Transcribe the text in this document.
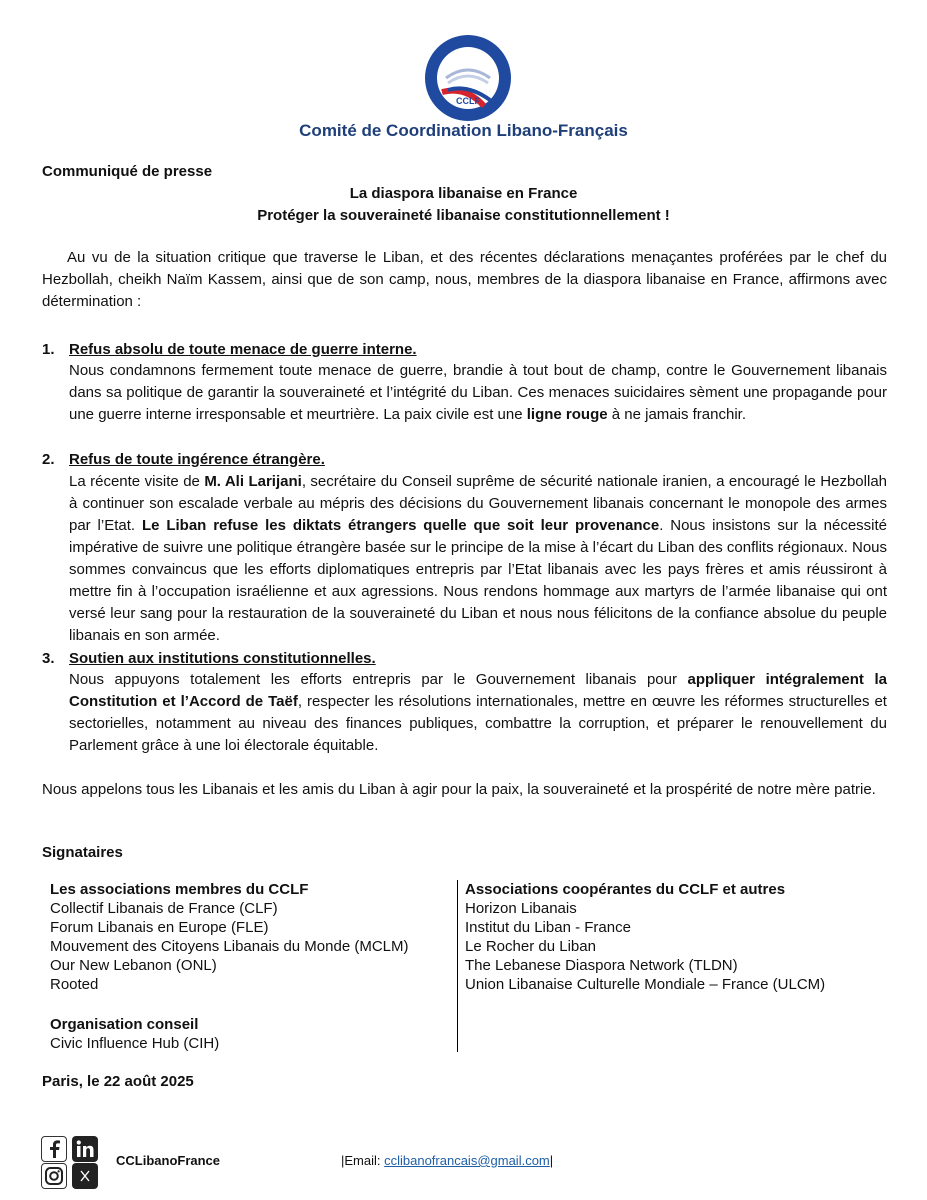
CCLF
Comité de Coordination Libano-Français
Communiqué de presse
La diaspora libanaise en France
Protéger la souveraineté libanaise constitutionnellement !
Au vu de la situation critique que traverse le Liban, et des récentes déclarations menaçantes proférées par le chef du Hezbollah, cheikh Naïm Kassem, ainsi que de son camp, nous, membres de la diaspora libanaise en France, affirmons avec détermination :
1. Refus absolu de toute menace de guerre interne.
Nous condamnons fermement toute menace de guerre, brandie à tout bout de champ, contre le Gouvernement libanais dans sa politique de garantir la souveraineté et l’intégrité du Liban. Ces menaces suicidaires sèment une propagande pour une guerre interne irresponsable et meurtrière. La paix civile est une ligne rouge à ne jamais franchir.
2. Refus de toute ingérence étrangère.
La récente visite de M. Ali Larijani, secrétaire du Conseil suprême de sécurité nationale iranien, a encouragé le Hezbollah à continuer son escalade verbale au mépris des décisions du Gouvernement libanais concernant le monopole des armes par l’Etat. Le Liban refuse les diktats étrangers quelle que soit leur provenance. Nous insistons sur la nécessité impérative de suivre une politique étrangère basée sur le principe de la mise à l’écart du Liban des conflits régionaux. Nous sommes convaincus que les efforts diplomatiques entrepris par l’Etat libanais avec les pays frères et amis réussiront à mettre fin à l’occupation israélienne et aux agressions. Nous rendons hommage aux martyrs de l’armée libanaise qui ont versé leur sang pour la restauration de la souveraineté du Liban et nous nous félicitons de la confiance absolue du peuple libanais en son armée.
3. Soutien aux institutions constitutionnelles.
Nous appuyons totalement les efforts entrepris par le Gouvernement libanais pour appliquer intégralement la Constitution et l’Accord de Taëf, respecter les résolutions internationales, mettre en œuvre les réformes structurelles et sectorielles, notamment au niveau des finances publiques, combattre la corruption, et préparer le renouvellement du Parlement grâce à une loi électorale équitable.
Nous appelons tous les Libanais et les amis du Liban à agir pour la paix, la souveraineté et la prospérité de notre mère patrie.
Signataires
Les associations membres du CCLF
Collectif Libanais de France (CLF)
Forum Libanais en Europe (FLE)
Mouvement des Citoyens Libanais du Monde (MCLM)
Our New Lebanon (ONL)
Rooted
Organisation conseil
Civic Influence Hub (CIH)
Associations coopérantes du CCLF et autres
Horizon Libanais
Institut du Liban - France
Le Rocher du Liban
The Lebanese Diaspora Network (TLDN)
Union Libanaise Culturelle Mondiale – France (ULCM)
Paris, le 22 août 2025
CCLibanoFrance	|Email: cclibanofrancais@gmail.com|
